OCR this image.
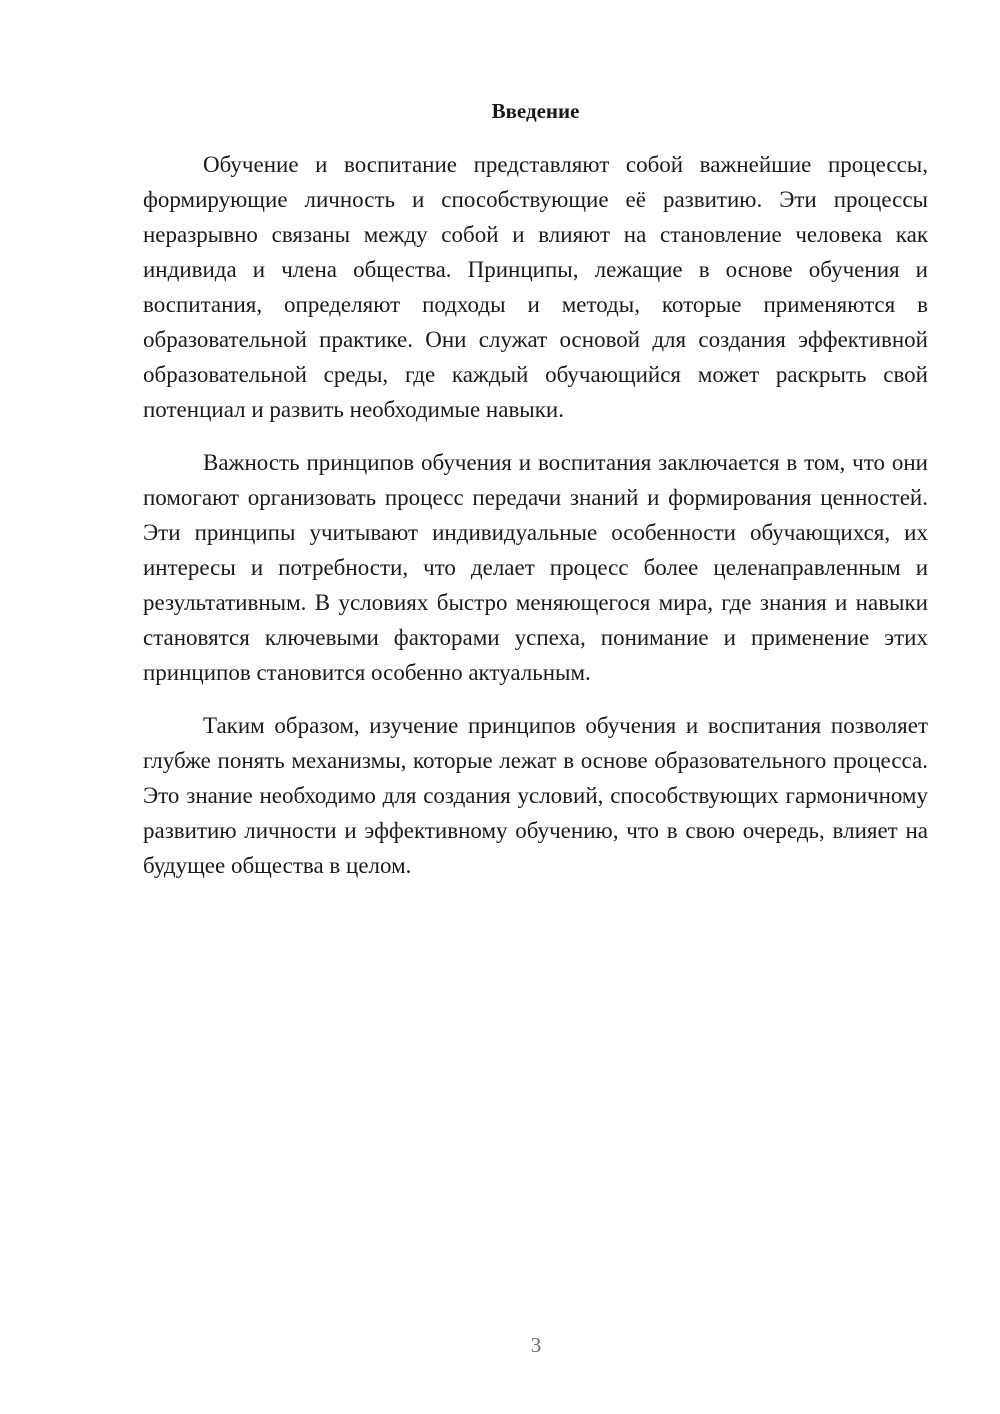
Введение

Обучение и воспитание представляют собой важнейшие процессы, формирующие личность и способствующие её развитию. Эти процессы неразрывно связаны между собой и влияют на становление человека как индивида и члена общества. Принципы, лежащие в основе обучения и воспитания, определяют подходы и методы, которые применяются в образовательной практике. Они служат основой для создания эффективной образовательной среды, где каждый обучающийся может раскрыть свой потенциал и развить необходимые навыки.

Важность принципов обучения и воспитания заключается в том, что они помогают организовать процесс передачи знаний и формирования ценностей. Эти принципы учитывают индивидуальные особенности обучающихся, их интересы и потребности, что делает процесс более целенаправленным и результативным. В условиях быстро меняющегося мира, где знания и навыки становятся ключевыми факторами успеха, понимание и применение этих принципов становится особенно актуальным.

Таким образом, изучение принципов обучения и воспитания позволяет глубже понять механизмы, которые лежат в основе образовательного процесса. Это знание необходимо для создания условий, способствующих гармоничному развитию личности и эффективному обучению, что в свою очередь, влияет на будущее общества в целом.

3
